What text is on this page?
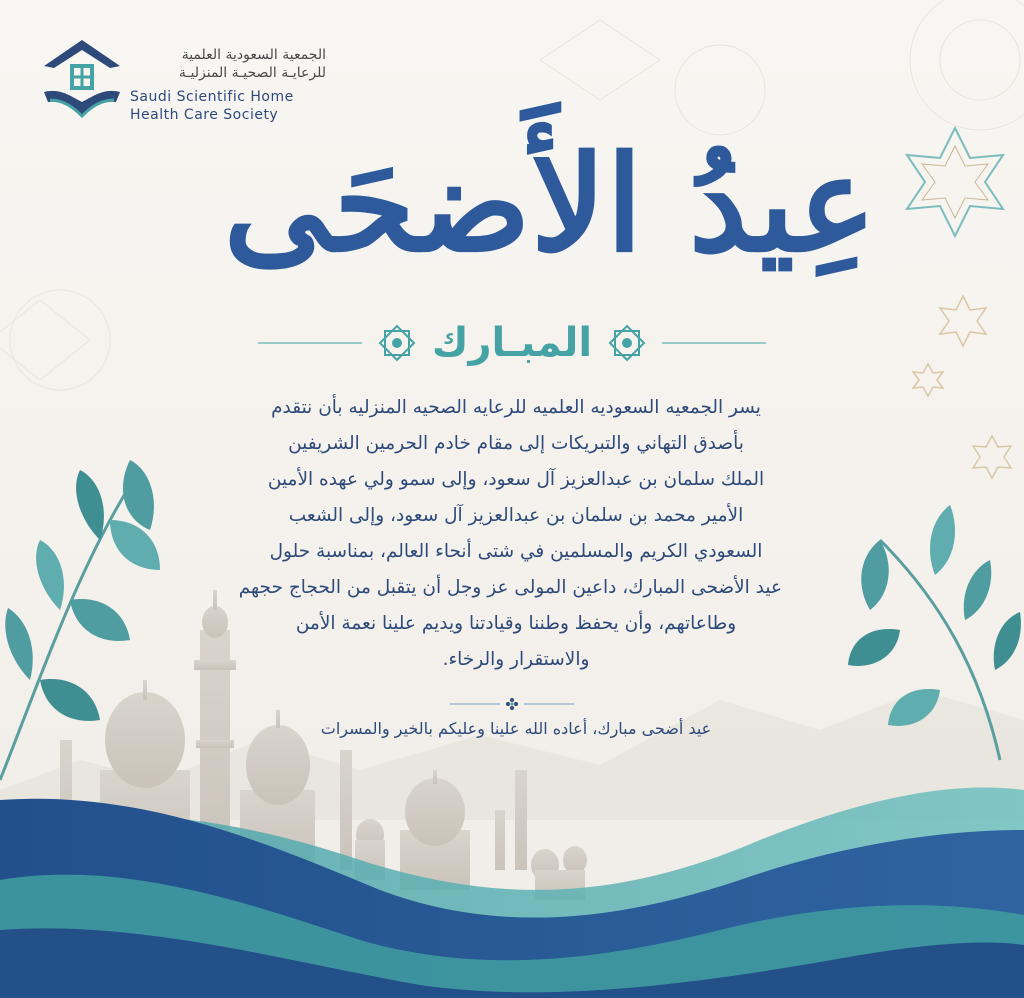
الجمعية السعودية العلمية
للرعايـة الصحيـة المنزليـة
Saudi Scientific Home
Health Care Society
عِيدُ الأَضحَى
المبـارك
يسر الجمعيه السعوديه العلميه للرعايه الصحيه المنزليه بأن نتقدم
بأصدق التهاني والتبريكات إلى مقام خادم الحرمين الشريفين
الملك سلمان بن عبدالعزيز آل سعود، وإلى سمو ولي عهده الأمين
الأمير محمد بن سلمان بن عبدالعزيز آل سعود، وإلى الشعب
السعودي الكريم والمسلمين في شتى أنحاء العالم، بمناسبة حلول
عيد الأضحى المبارك، داعين المولى عز وجل أن يتقبل من الحجاج حجهم
وطاعاتهم، وأن يحفظ وطننا وقيادتنا ويديم علينا نعمة الأمن
والاستقرار والرخاء.
عيد أضحى مبارك، أعاده الله علينا وعليكم بالخير والمسرات
